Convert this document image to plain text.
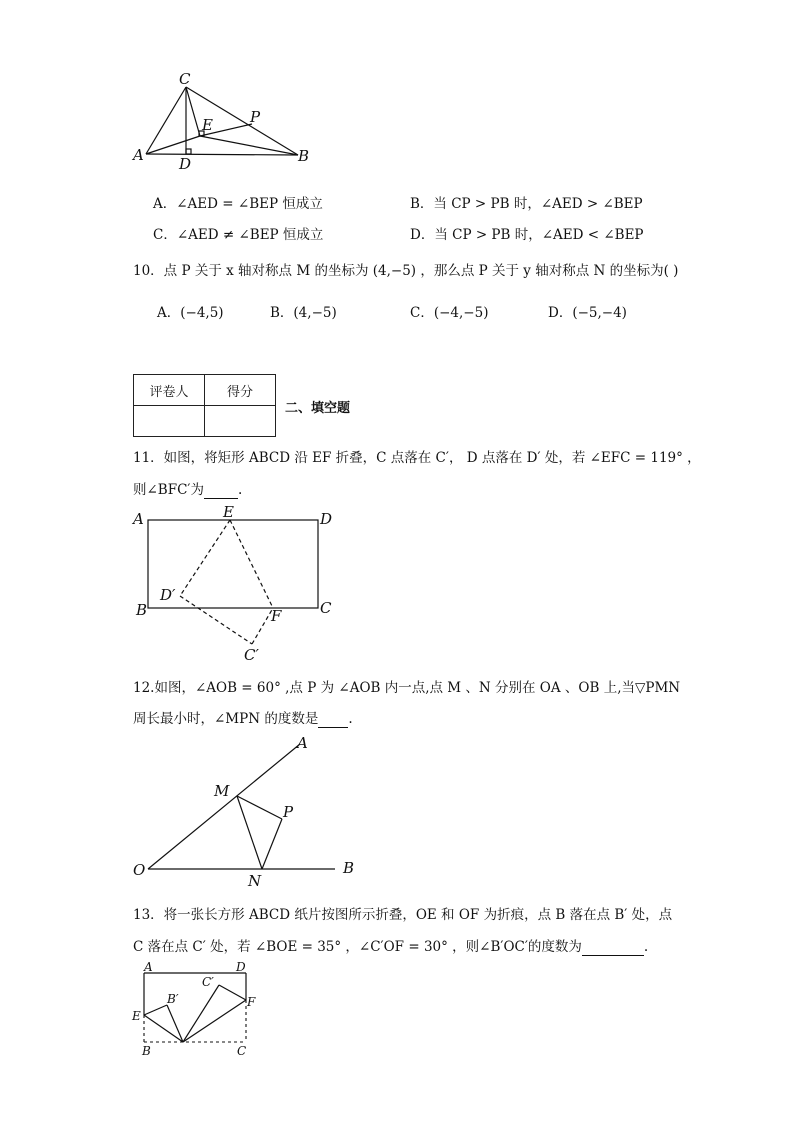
C
E P
A D	B
A．∠AED = ∠BEP 恒成立	B．当 CP > PB 时，∠AED > ∠BEP
C．∠AED ≠ ∠BEP 恒成立	D．当 CP > PB 时，∠AED < ∠BEP
10．点 P 关于 x 轴对称点 M 的坐标为 (4,−5) ，那么点 P 关于 y 轴对称点 N 的坐标为( )
A．(−4,5)	B．(4,−5)	C．(−4,−5)	D．(−5,−4)
评卷人	得分

二、填空题
11．如图，将矩形 ABCD 沿 EF 折叠，C 点落在 C′， D 点落在 D′ 处，若 ∠EFC = 119° ，
则∠BFC′为	.
A	E	D
D′
B	F	C
C′
12.如图，∠AOB = 60° ,点 P 为 ∠AOB 内一点,点 M 、N 分别在 OA 、OB 上,当▽PMN
周长最小时，∠MPN 的度数是 .
A
M
P
O
N
B
13．将一张长方形 ABCD 纸片按图所示折叠，OE 和 OF 为折痕，点 B 落在点 B′ 处，点
C 落在点 C′ 处，若 ∠BOE = 35° ，∠C′OF = 30° ，则∠B′OC′的度数为	.
A	D
C′
B′
E
F
B	C
